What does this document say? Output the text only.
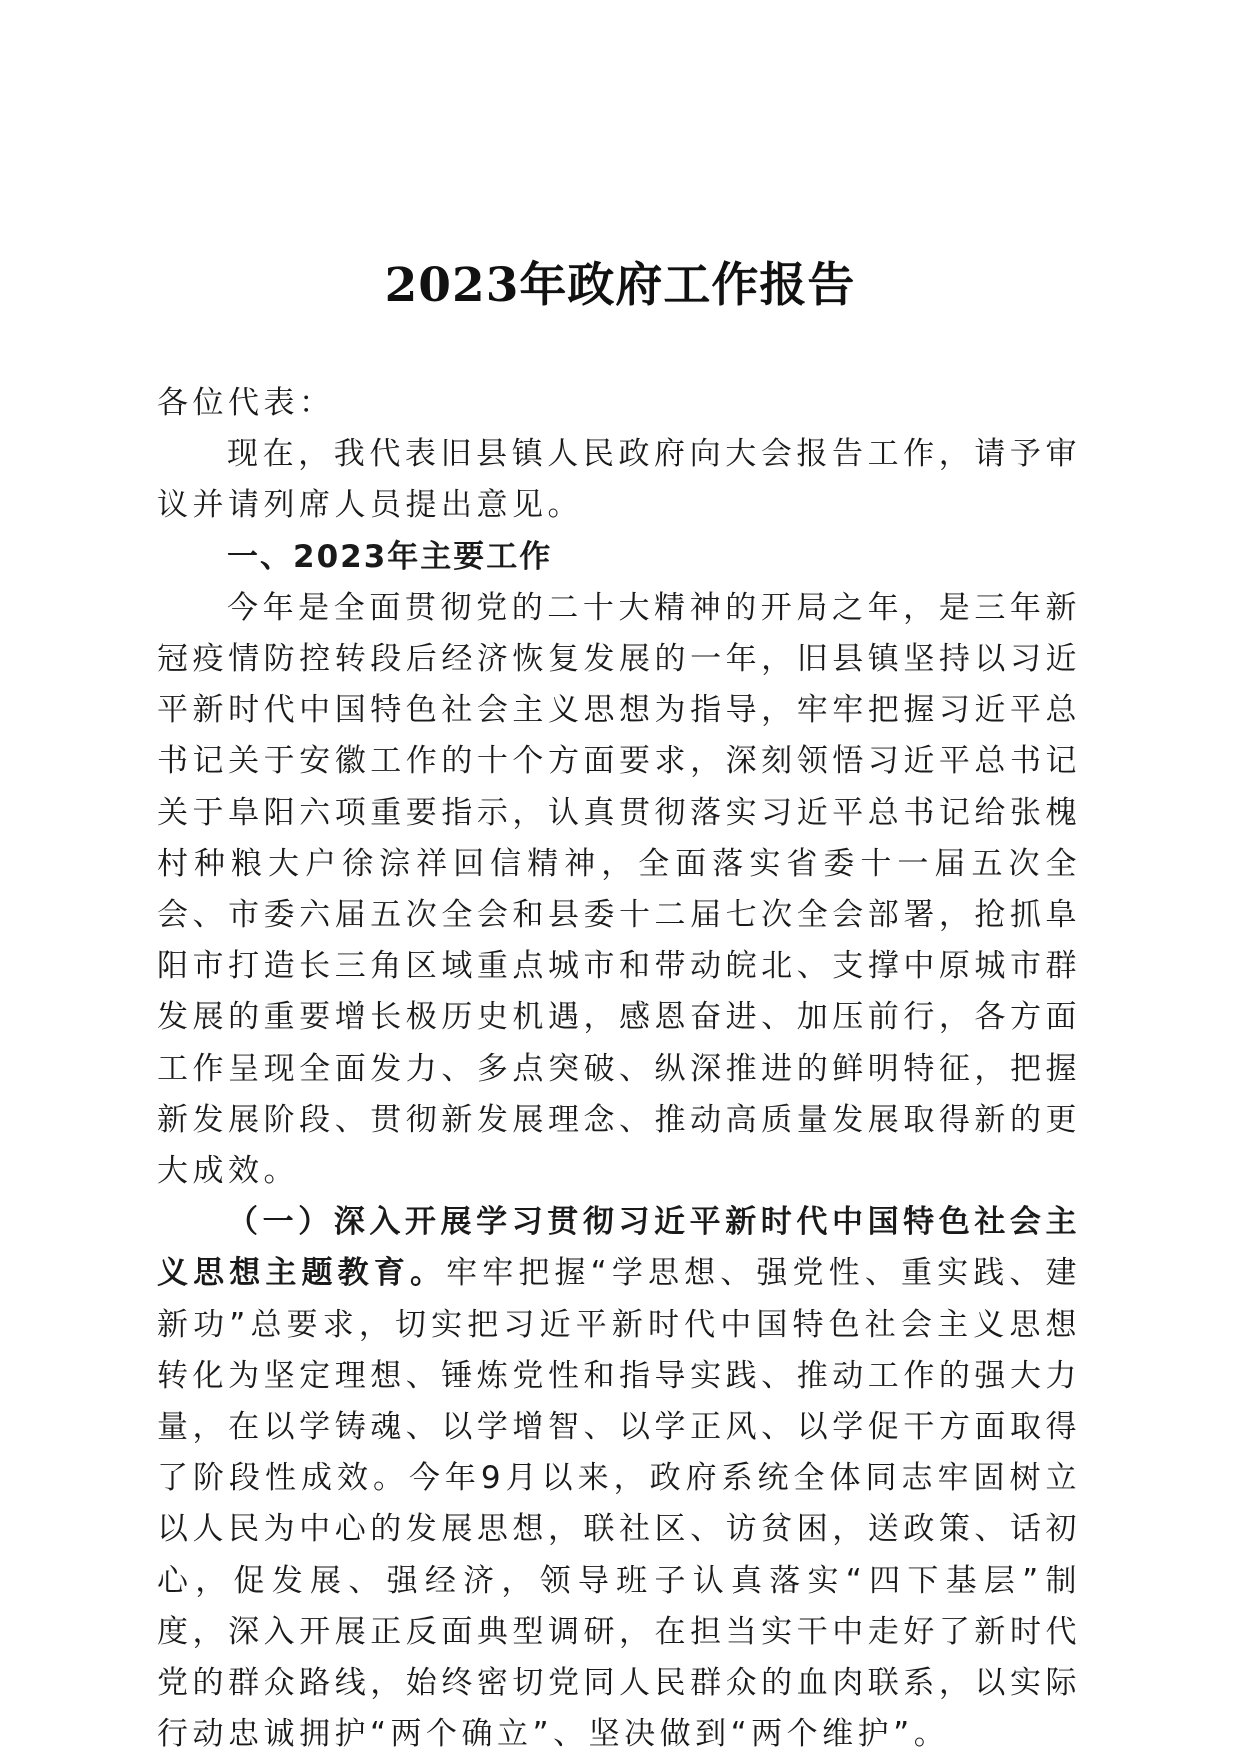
2023年政府工作报告

各位代表：

现在，我代表旧县镇人民政府向大会报告工作，请予审议并请列席人员提出意见。

一、2023年主要工作

今年是全面贯彻党的二十大精神的开局之年，是三年新冠疫情防控转段后经济恢复发展的一年，旧县镇坚持以习近平新时代中国特色社会主义思想为指导，牢牢把握习近平总书记关于安徽工作的十个方面要求，深刻领悟习近平总书记关于阜阳六项重要指示，认真贯彻落实习近平总书记给张槐村种粮大户徐淙祥回信精神，全面落实省委十一届五次全会、市委六届五次全会和县委十二届七次全会部署，抢抓阜阳市打造长三角区域重点城市和带动皖北、支撑中原城市群发展的重要增长极历史机遇，感恩奋进、加压前行，各方面工作呈现全面发力、多点突破、纵深推进的鲜明特征，把握新发展阶段、贯彻新发展理念、推动高质量发展取得新的更大成效。

（一）深入开展学习贯彻习近平新时代中国特色社会主义思想主题教育。牢牢把握“学思想、强党性、重实践、建新功”总要求，切实把习近平新时代中国特色社会主义思想转化为坚定理想、锤炼党性和指导实践、推动工作的强大力量，在以学铸魂、以学增智、以学正风、以学促干方面取得了阶段性成效。今年9月以来，政府系统全体同志牢固树立以人民为中心的发展思想，联社区、访贫困，送政策、话初心，促发展、强经济，领导班子认真落实“四下基层”制度，深入开展正反面典型调研，在担当实干中走好了新时代党的群众路线，始终密切党同人民群众的血肉联系，以实际行动忠诚拥护“两个确立”、坚决做到“两个维护”。
